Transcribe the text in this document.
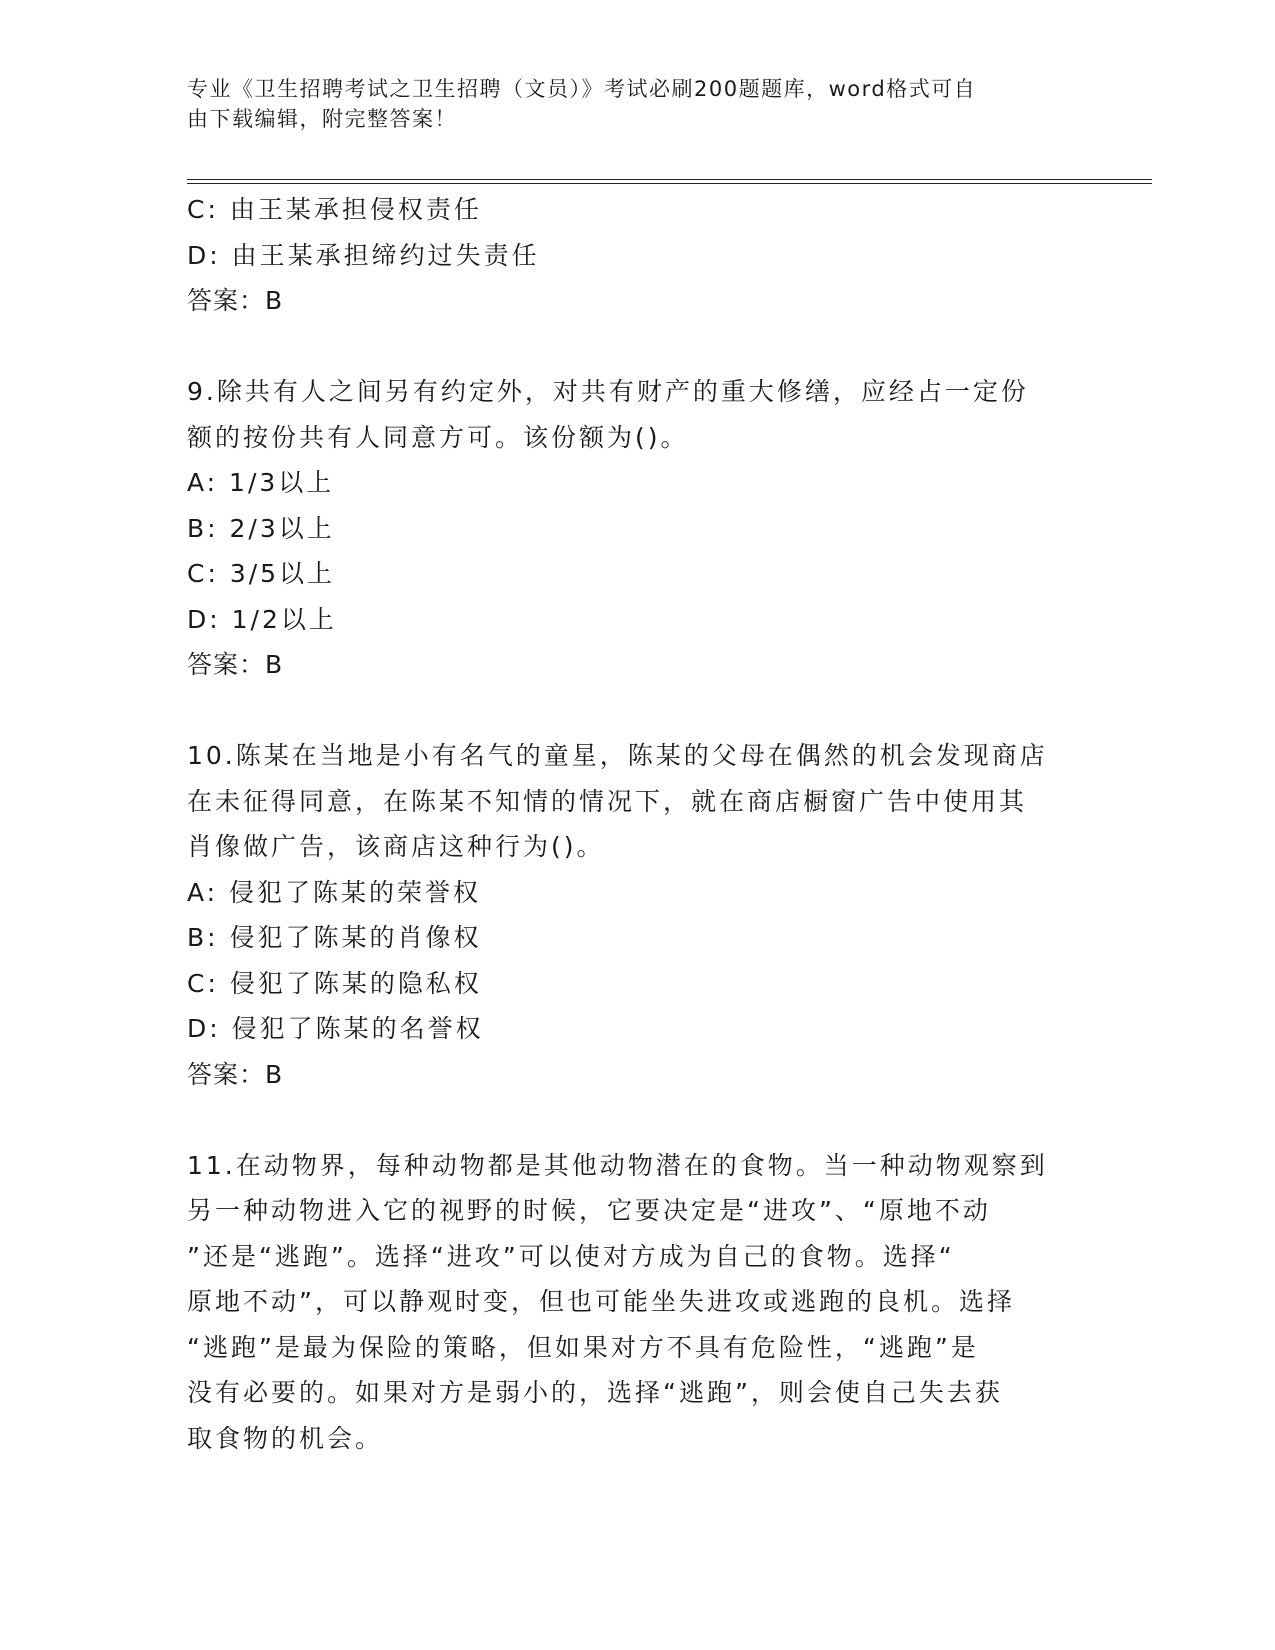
专业《卫生招聘考试之卫生招聘（文员）》考试必刷200题题库，word格式可自
由下载编辑，附完整答案！
C: 由王某承担侵权责任
D: 由王某承担缔约过失责任
答案：B
9.除共有人之间另有约定外，对共有财产的重大修缮，应经占一定份
额的按份共有人同意方可。该份额为()。
A: 1/3以上
B: 2/3以上
C: 3/5以上
D: 1/2以上
答案：B
10.陈某在当地是小有名气的童星，陈某的父母在偶然的机会发现商店
在未征得同意，在陈某不知情的情况下，就在商店橱窗广告中使用其
肖像做广告，该商店这种行为()。
A: 侵犯了陈某的荣誉权
B: 侵犯了陈某的肖像权
C: 侵犯了陈某的隐私权
D: 侵犯了陈某的名誉权
答案：B
11.在动物界，每种动物都是其他动物潜在的食物。当一种动物观察到
另一种动物进入它的视野的时候，它要决定是“进攻”、“原地不动
”还是“逃跑”。选择“进攻”可以使对方成为自己的食物。选择“
原地不动”，可以静观时变，但也可能坐失进攻或逃跑的良机。选择
“逃跑”是最为保险的策略，但如果对方不具有危险性，“逃跑”是
没有必要的。如果对方是弱小的，选择“逃跑”，则会使自己失去获
取食物的机会。
